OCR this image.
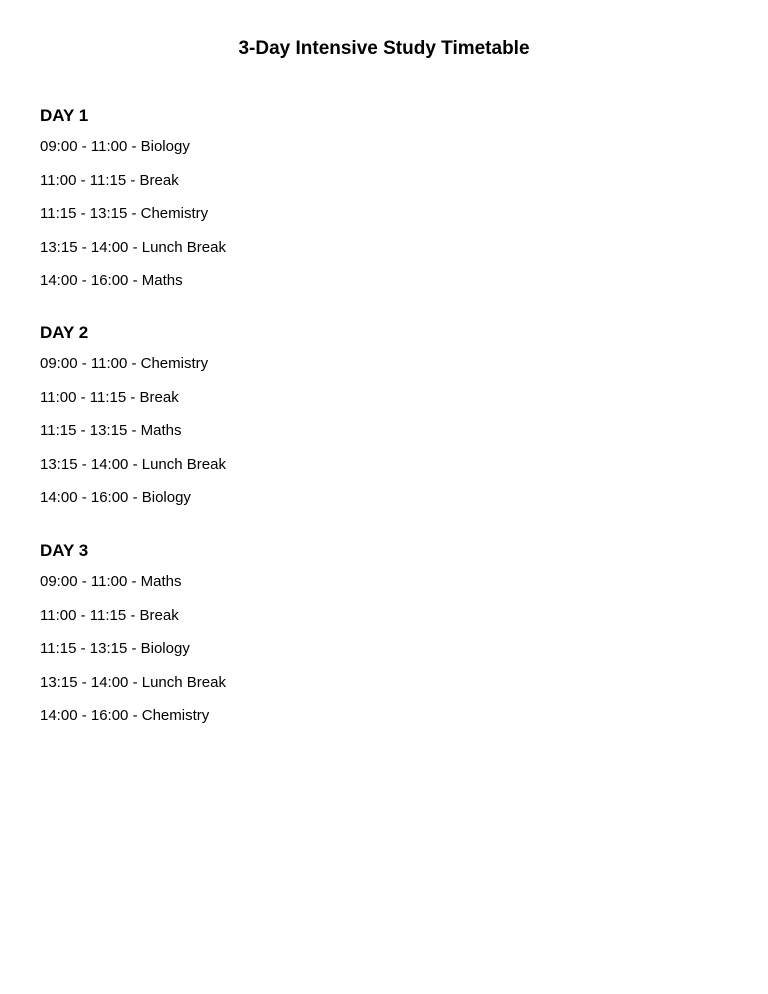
3-Day Intensive Study Timetable
DAY 1
09:00 - 11:00 - Biology
11:00 - 11:15 - Break
11:15 - 13:15 - Chemistry
13:15 - 14:00 - Lunch Break
14:00 - 16:00 - Maths
DAY 2
09:00 - 11:00 - Chemistry
11:00 - 11:15 - Break
11:15 - 13:15 - Maths
13:15 - 14:00 - Lunch Break
14:00 - 16:00 - Biology
DAY 3
09:00 - 11:00 - Maths
11:00 - 11:15 - Break
11:15 - 13:15 - Biology
13:15 - 14:00 - Lunch Break
14:00 - 16:00 - Chemistry
